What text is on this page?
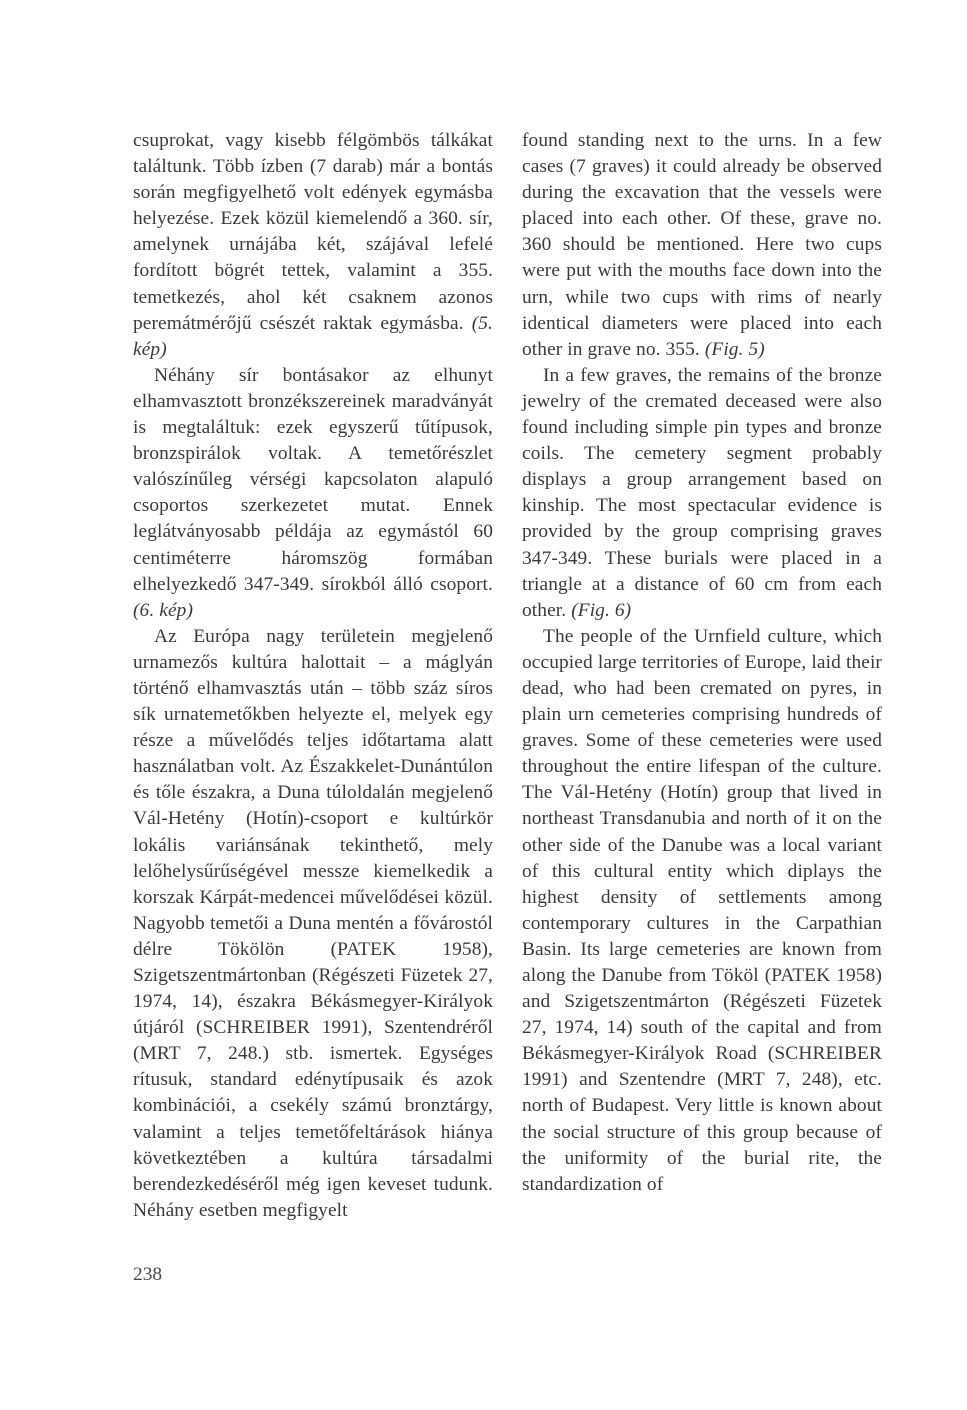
csuprokat, vagy kisebb félgömbös tálkákat találtunk. Több ízben (7 darab) már a bontás során megfigyelhető volt edények egymásba helyezése. Ezek közül kiemelendő a 360. sír, amelynek urnájába két, szájával lefelé fordított bögrét tettek, valamint a 355. temetkezés, ahol két csaknem azonos peremátmérőjű csészét raktak egymásba. (5. kép)

Néhány sír bontásakor az elhunyt elhamvasztott bronzékszereinek maradványát is megtaláltuk: ezek egyszerű tűtípusok, bronzspirálok voltak. A temetőrészlet valószínűleg vérségi kapcsolaton alapuló csoportos szerkezetet mutat. Ennek leglátványosabb példája az egymástól 60 centiméterre háromszög formában elhelyezkedő 347-349. sírokból álló csoport. (6. kép)

Az Európa nagy területein megjelenő urnamezős kultúra halottait – a máglyán történő elhamvasztás után – több száz síros sík urnatemetőkben helyezte el, melyek egy része a művelődés teljes időtartama alatt használatban volt. Az Északkelet-Dunántúlon és tőle északra, a Duna túloldalán megjelenő Vál-Hetény (Hotín)-csoport e kultúrkör lokális variánsának tekinthető, mely lelőhelysűrűségével messze kiemelkedik a korszak Kárpát-medencei művelődései közül. Nagyobb temetői a Duna mentén a fővárostól délre Tökölön (PATEK 1958), Szigetszentmártonban (Régészeti Füzetek 27, 1974, 14), északra Békásmegyer-Királyok útjáról (SCHREIBER 1991), Szentendréről (MRT 7, 248.) stb. ismertek. Egységes rítusuk, standard edénytípusaik és azok kombinációi, a csekély számú bronztárgy, valamint a teljes temetőfeltárások hiánya következtében a kultúra társadalmi berendezkedéséről még igen keveset tudunk. Néhány esetben megfigyelt

found standing next to the urns. In a few cases (7 graves) it could already be observed during the excavation that the vessels were placed into each other. Of these, grave no. 360 should be mentioned. Here two cups were put with the mouths face down into the urn, while two cups with rims of nearly identical diameters were placed into each other in grave no. 355. (Fig. 5)

In a few graves, the remains of the bronze jewelry of the cremated deceased were also found including simple pin types and bronze coils. The cemetery segment probably displays a group arrangement based on kinship. The most spectacular evidence is provided by the group comprising graves 347-349. These burials were placed in a triangle at a distance of 60 cm from each other. (Fig. 6)

The people of the Urnfield culture, which occupied large territories of Europe, laid their dead, who had been cremated on pyres, in plain urn cemeteries comprising hundreds of graves. Some of these cemeteries were used throughout the entire lifespan of the culture. The Vál-Hetény (Hotín) group that lived in northeast Transdanubia and north of it on the other side of the Danube was a local variant of this cultural entity which diplays the highest density of settlements among contemporary cultures in the Carpathian Basin. Its large cemeteries are known from along the Danube from Tököl (PATEK 1958) and Szigetszentmárton (Régészeti Füzetek 27, 1974, 14) south of the capital and from Békásmegyer-Királyok Road (SCHREIBER 1991) and Szentendre (MRT 7, 248), etc. north of Budapest. Very little is known about the social structure of this group because of the uniformity of the burial rite, the standardization of

238
